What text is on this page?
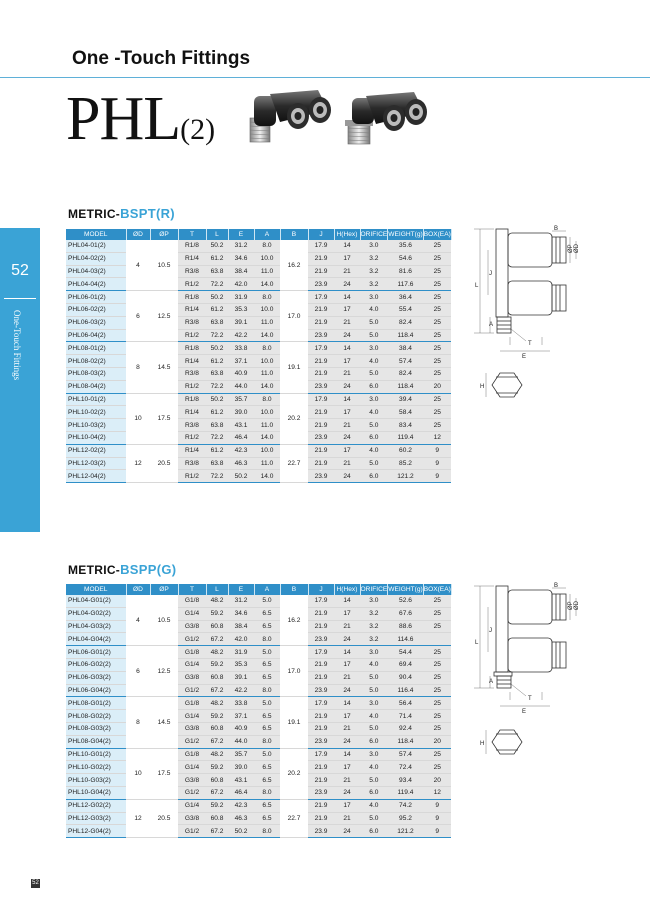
One -Touch Fittings
PHL(2)
52
One-Touch Fittings
METRIC-BSPT(R)
MODEL	ØD	ØP	T	L	E	A	B	J	H(Hex)	ORIFICE	WEIGHT(g)	BOX(EA)
PHL04-01(2)	4	10.5	R1/8	50.2	31.2	8.0	16.2	17.9	14	3.0	35.6	25
PHL04-02(2)			R1/4	61.2	34.6	10.0		21.9	17	3.2	54.6	25
PHL04-03(2)			R3/8	63.8	38.4	11.0		21.9	21	3.2	81.6	25
PHL04-04(2)			R1/2	72.2	42.0	14.0		23.9	24	3.2	117.6	25
PHL06-01(2)	6	12.5	R1/8	50.2	31.9	8.0	17.0	17.9	14	3.0	36.4	25
PHL06-02(2)			R1/4	61.2	35.3	10.0		21.9	17	4.0	55.4	25
PHL06-03(2)			R3/8	63.8	39.1	11.0		21.9	21	5.0	82.4	25
PHL06-04(2)			R1/2	72.2	42.2	14.0		23.9	24	5.0	118.4	25
PHL08-01(2)	8	14.5	R1/8	50.2	33.8	8.0	19.1	17.9	14	3.0	38.4	25
PHL08-02(2)			R1/4	61.2	37.1	10.0		21.9	17	4.0	57.4	25
PHL08-03(2)			R3/8	63.8	40.9	11.0		21.9	21	5.0	82.4	25
PHL08-04(2)			R1/2	72.2	44.0	14.0		23.9	24	6.0	118.4	20
PHL10-01(2)	10	17.5	R1/8	50.2	35.7	8.0	20.2	17.9	14	3.0	39.4	25
PHL10-02(2)			R1/4	61.2	39.0	10.0		21.9	17	4.0	58.4	25
PHL10-03(2)			R3/8	63.8	43.1	11.0		21.9	21	5.0	83.4	25
PHL10-04(2)			R1/2	72.2	46.4	14.0		23.9	24	6.0	119.4	12
PHL12-02(2)	12	20.5	R1/4	61.2	42.3	10.0	22.7	21.9	17	4.0	60.2	9
PHL12-03(2)			R3/8	63.8	46.3	11.0		21.9	21	5.0	85.2	9
PHL12-04(2)			R1/2	72.2	50.2	14.0		23.9	24	6.0	121.2	9
METRIC-BSPP(G)
MODEL	ØD	ØP	T	L	E	A	B	J	H(Hex)	ORIFICE	WEIGHT(g)	BOX(EA)
PHL04-G01(2)	4	10.5	G1/8	48.2	31.2	5.0	16.2	17.9	14	3.0	52.6	25
PHL04-G02(2)			G1/4	59.2	34.6	6.5		21.9	17	3.2	67.6	25
PHL04-G03(2)			G3/8	60.8	38.4	6.5		21.9	21	3.2	88.6	25
PHL04-G04(2)			G1/2	67.2	42.0	8.0		23.9	24	3.2	114.6	
PHL06-G01(2)	6	12.5	G1/8	48.2	31.9	5.0	17.0	17.9	14	3.0	54.4	25
PHL06-G02(2)			G1/4	59.2	35.3	6.5		21.9	17	4.0	69.4	25
PHL06-G03(2)			G3/8	60.8	39.1	6.5		21.9	21	5.0	90.4	25
PHL06-G04(2)			G1/2	67.2	42.2	8.0		23.9	24	5.0	116.4	25
PHL08-G01(2)	8	14.5	G1/8	48.2	33.8	5.0	19.1	17.9	14	3.0	56.4	25
PHL08-G02(2)			G1/4	59.2	37.1	6.5		21.9	17	4.0	71.4	25
PHL08-G03(2)			G3/8	60.8	40.9	6.5		21.9	21	5.0	92.4	25
PHL08-G04(2)			G1/2	67.2	44.0	8.0		23.9	24	6.0	118.4	20
PHL10-G01(2)	10	17.5	G1/8	48.2	35.7	5.0	20.2	17.9	14	3.0	57.4	25
PHL10-G02(2)			G1/4	59.2	39.0	6.5		21.9	17	4.0	72.4	25
PHL10-G03(2)			G3/8	60.8	43.1	6.5		21.9	21	5.0	93.4	20
PHL10-G04(2)			G1/2	67.2	46.4	8.0		23.9	24	6.0	119.4	12
PHL12-G02(2)	12	20.5	G1/4	59.2	42.3	6.5	22.7	21.9	17	4.0	74.2	9
PHL12-G03(2)			G3/8	60.8	46.3	6.5		21.9	21	5.0	95.2	9
PHL12-G04(2)			G1/2	67.2	50.2	8.0		23.9	24	6.0	121.2	9
B
ØD
ØP
L
J
A
T
E
H
B
ØD
ØP
L
J
A
T
E
H
52
